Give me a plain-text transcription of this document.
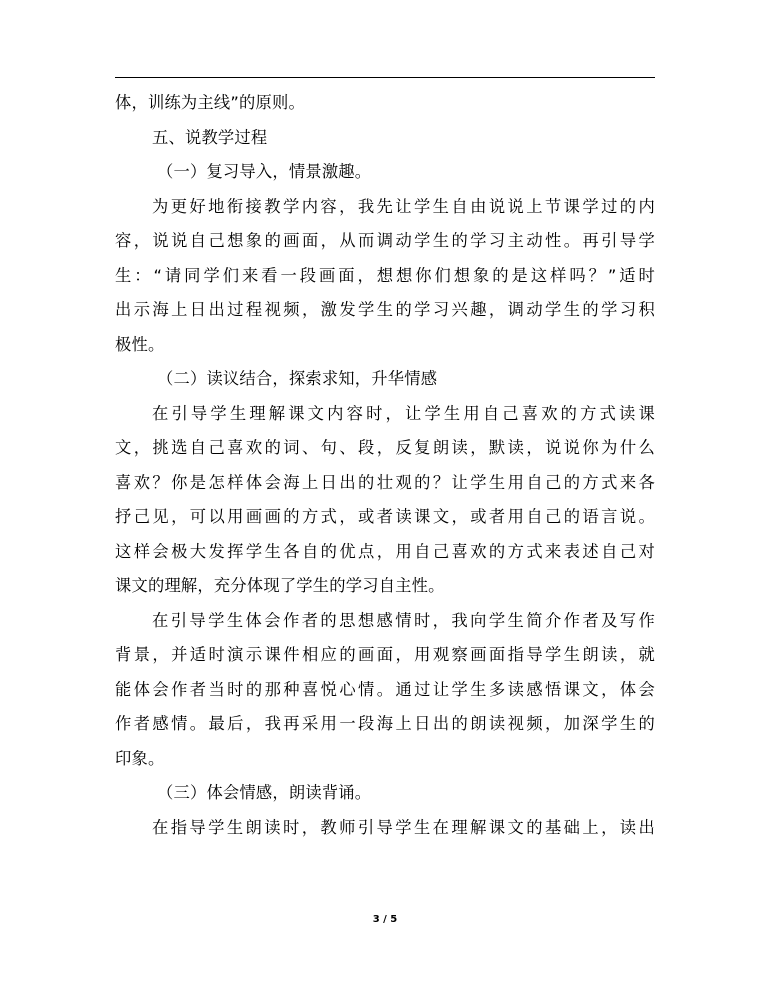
体，训练为主线”的原则。
五、说教学过程
（一）复习导入，情景激趣。
为更好地衔接教学内容，我先让学生自由说说上节课学过的内
容，说说自己想象的画面，从而调动学生的学习主动性。再引导学
生：“请同学们来看一段画面，想想你们想象的是这样吗？”适时
出示海上日出过程视频，激发学生的学习兴趣，调动学生的学习积
极性。
（二）读议结合，探索求知，升华情感
在引导学生理解课文内容时，让学生用自己喜欢的方式读课
文，挑选自己喜欢的词、句、段，反复朗读，默读，说说你为什么
喜欢？你是怎样体会海上日出的壮观的？让学生用自己的方式来各
抒己见，可以用画画的方式，或者读课文，或者用自己的语言说。
这样会极大发挥学生各自的优点，用自己喜欢的方式来表述自己对
课文的理解，充分体现了学生的学习自主性。
在引导学生体会作者的思想感情时，我向学生简介作者及写作
背景，并适时演示课件相应的画面，用观察画面指导学生朗读，就
能体会作者当时的那种喜悦心情。通过让学生多读感悟课文，体会
作者感情。最后，我再采用一段海上日出的朗读视频，加深学生的
印象。
（三）体会情感，朗读背诵。
在指导学生朗读时，教师引导学生在理解课文的基础上，读出
3 / 5
